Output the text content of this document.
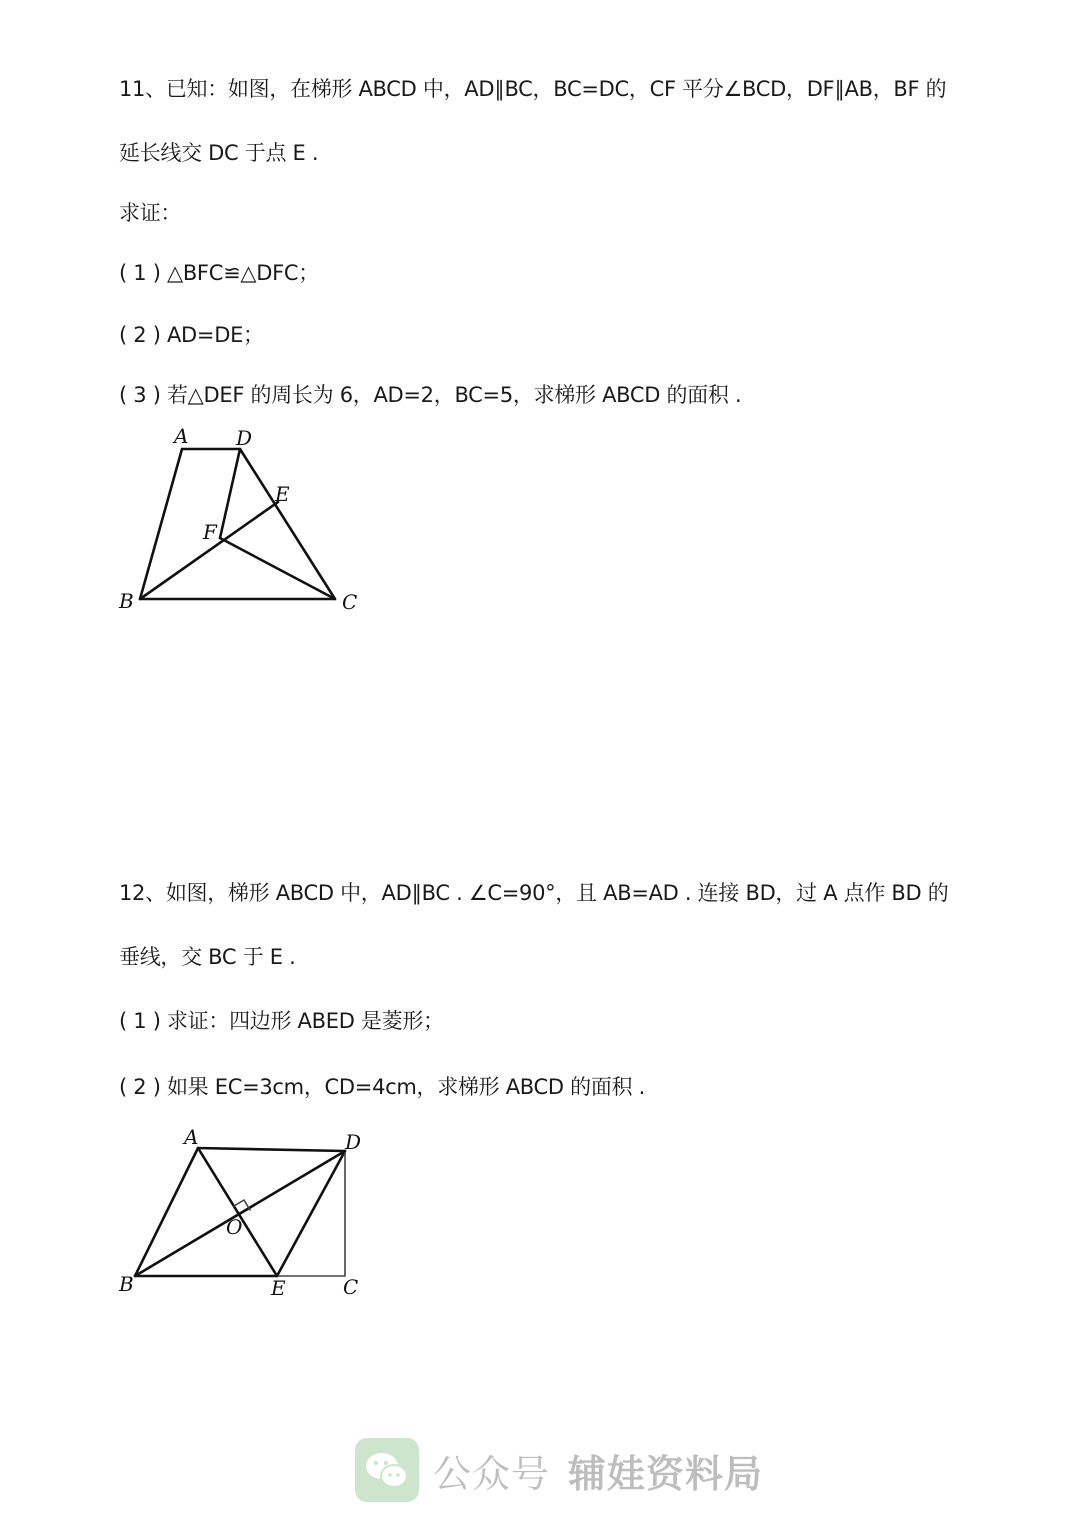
11、已知：如图，在梯形 ABCD 中，AD∥BC，BC=DC，CF 平分∠BCD，DF∥AB，BF 的
延长线交 DC 于点 E .
求证：
( 1 ) △BFC≌△DFC；
( 2 ) AD=DE；
( 3 ) 若△DEF 的周长为 6，AD=2，BC=5，求梯形 ABCD 的面积 .
A D
E
F
B	C
12、如图，梯形 ABCD 中，AD∥BC . ∠C=90°，且 AB=AD . 连接 BD，过 A 点作 BD 的
垂线，交 BC 于 E .
( 1 ) 求证：四边形 ABED 是菱形；
( 2 ) 如果 EC=3cm，CD=4cm，求梯形 ABCD 的面积 .
A	D
O
B	E	C
公众号 辅娃资料局
